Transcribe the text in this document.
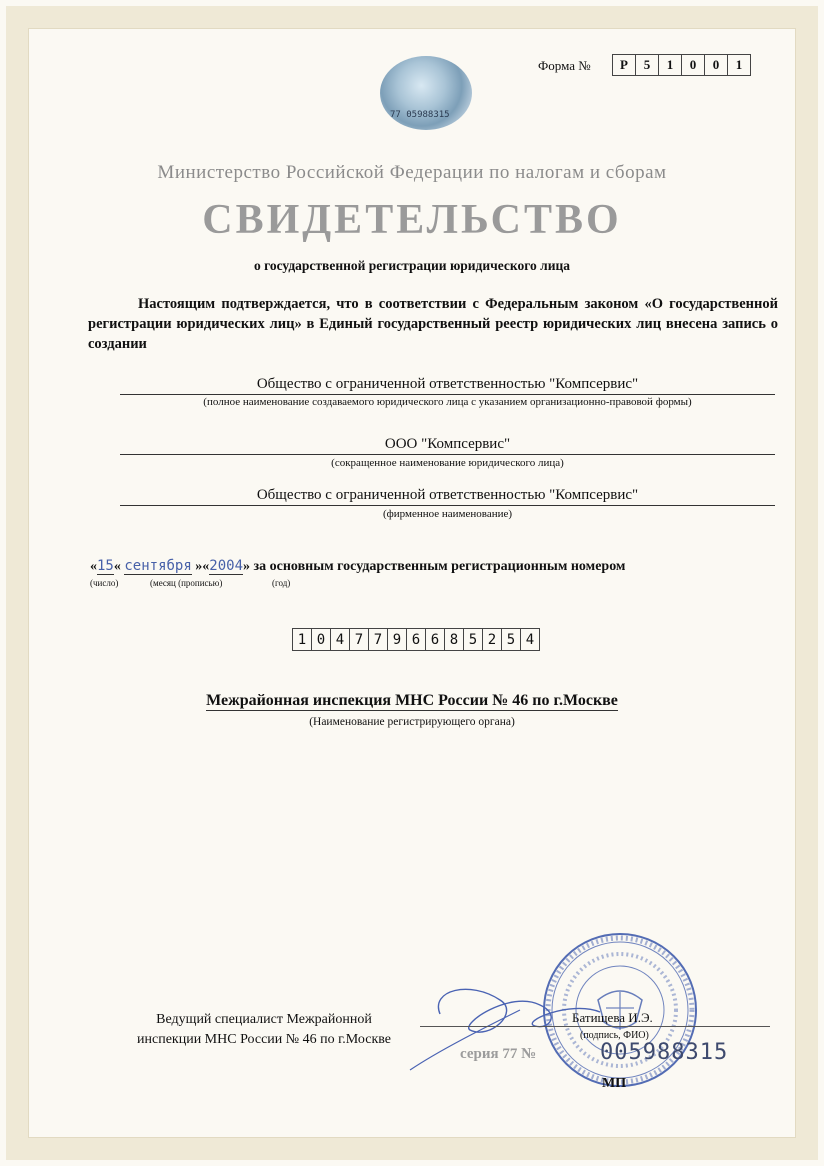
Форма №	Р	5	1	0	0	1
77 05988315
Министерство Российской Федерации по налогам и сборам
СВИДЕТЕЛЬСТВО
о государственной регистрации юридического лица
Настоящим подтверждается, что в соответствии с Федеральным законом «О государственной регистрации юридических лиц» в Единый государственный реестр юридических лиц внесена запись о создании
Общество с ограниченной ответственностью "Компсервис"
(полное наименование создаваемого юридического лица с указанием организационно-правовой формы)
ООО "Компсервис"
(сокращенное наименование юридического лица)
Общество с ограниченной ответственностью "Компсервис"
(фирменное наименование)
«15« сентября »«2004» за основным государственным регистрационным номером
(число)	(месяц (прописью)	(год)
1 0 4 7 7 9 6 6 8 5 2 5 4
Межрайонная инспекция МНС России № 46 по г.Москве
(Наименование регистрирующего органа)
Ведущий специалист Межрайонной
инспекции МНС России № 46 по г.Москве
Батищева И.Э.
(подпись, ФИО)
серия 77 №	005988315
МП
